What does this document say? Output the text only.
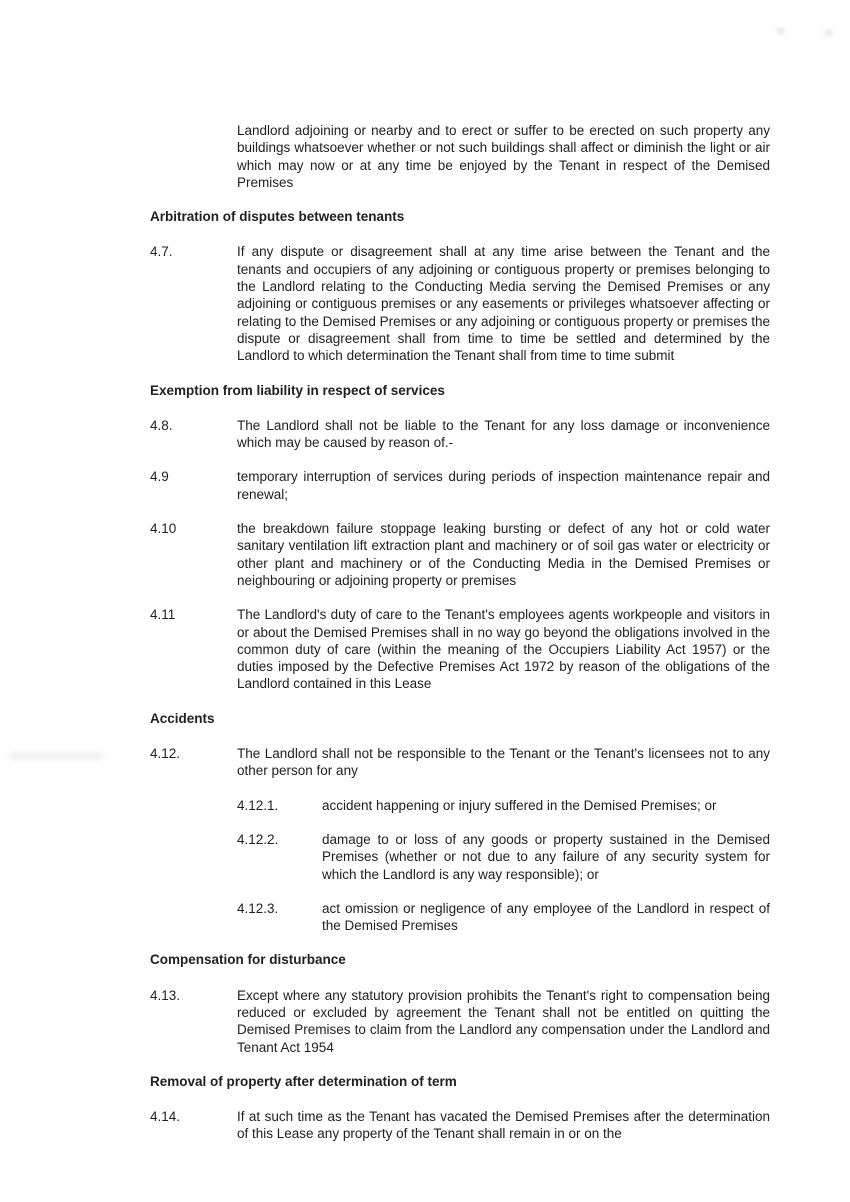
Landlord adjoining or nearby and to erect or suffer to be erected on such property any buildings whatsoever whether or not such buildings shall affect or diminish the light or air which may now or at any time be enjoyed by the Tenant in respect of the Demised Premises
Arbitration of disputes between tenants
4.7.	If any dispute or disagreement shall at any time arise between the Tenant and the tenants and occupiers of any adjoining or contiguous property or premises belonging to the Landlord relating to the Conducting Media serving the Demised Premises or any adjoining or contiguous premises or any easements or privileges whatsoever affecting or relating to the Demised Premises or any adjoining or contiguous property or premises the dispute or disagreement shall from time to time be settled and determined by the Landlord to which determination the Tenant shall from time to time submit
Exemption from liability in respect of services
4.8.	The Landlord shall not be liable to the Tenant for any loss damage or inconvenience which may be caused by reason of.-
4.9	temporary interruption of services during periods of inspection maintenance repair and renewal;
4.10	the breakdown failure stoppage leaking bursting or defect of any hot or cold water sanitary ventilation lift extraction plant and machinery or of soil gas water or electricity or other plant and machinery or of the Conducting Media in the Demised Premises or neighbouring or adjoining property or premises
4.11	The Landlord's duty of care to the Tenant's employees agents workpeople and visitors in or about the Demised Premises shall in no way go beyond the obligations involved in the common duty of care (within the meaning of the Occupiers Liability Act 1957) or the duties imposed by the Defective Premises Act 1972 by reason of the obligations of the Landlord contained in this Lease
Accidents
4.12.	The Landlord shall not be responsible to the Tenant or the Tenant's licensees not to any other person for any
4.12.1.	accident happening or injury suffered in the Demised Premises; or
4.12.2.	damage to or loss of any goods or property sustained in the Demised Premises (whether or not due to any failure of any security system for which the Landlord is any way responsible); or
4.12.3.	act omission or negligence of any employee of the Landlord in respect of the Demised Premises
Compensation for disturbance
4.13.	Except where any statutory provision prohibits the Tenant's right to compensation being reduced or excluded by agreement the Tenant shall not be entitled on quitting the Demised Premises to claim from the Landlord any compensation under the Landlord and Tenant Act 1954
Removal of property after determination of term
4.14.	If at such time as the Tenant has vacated the Demised Premises after the determination of this Lease any property of the Tenant shall remain in or on the
